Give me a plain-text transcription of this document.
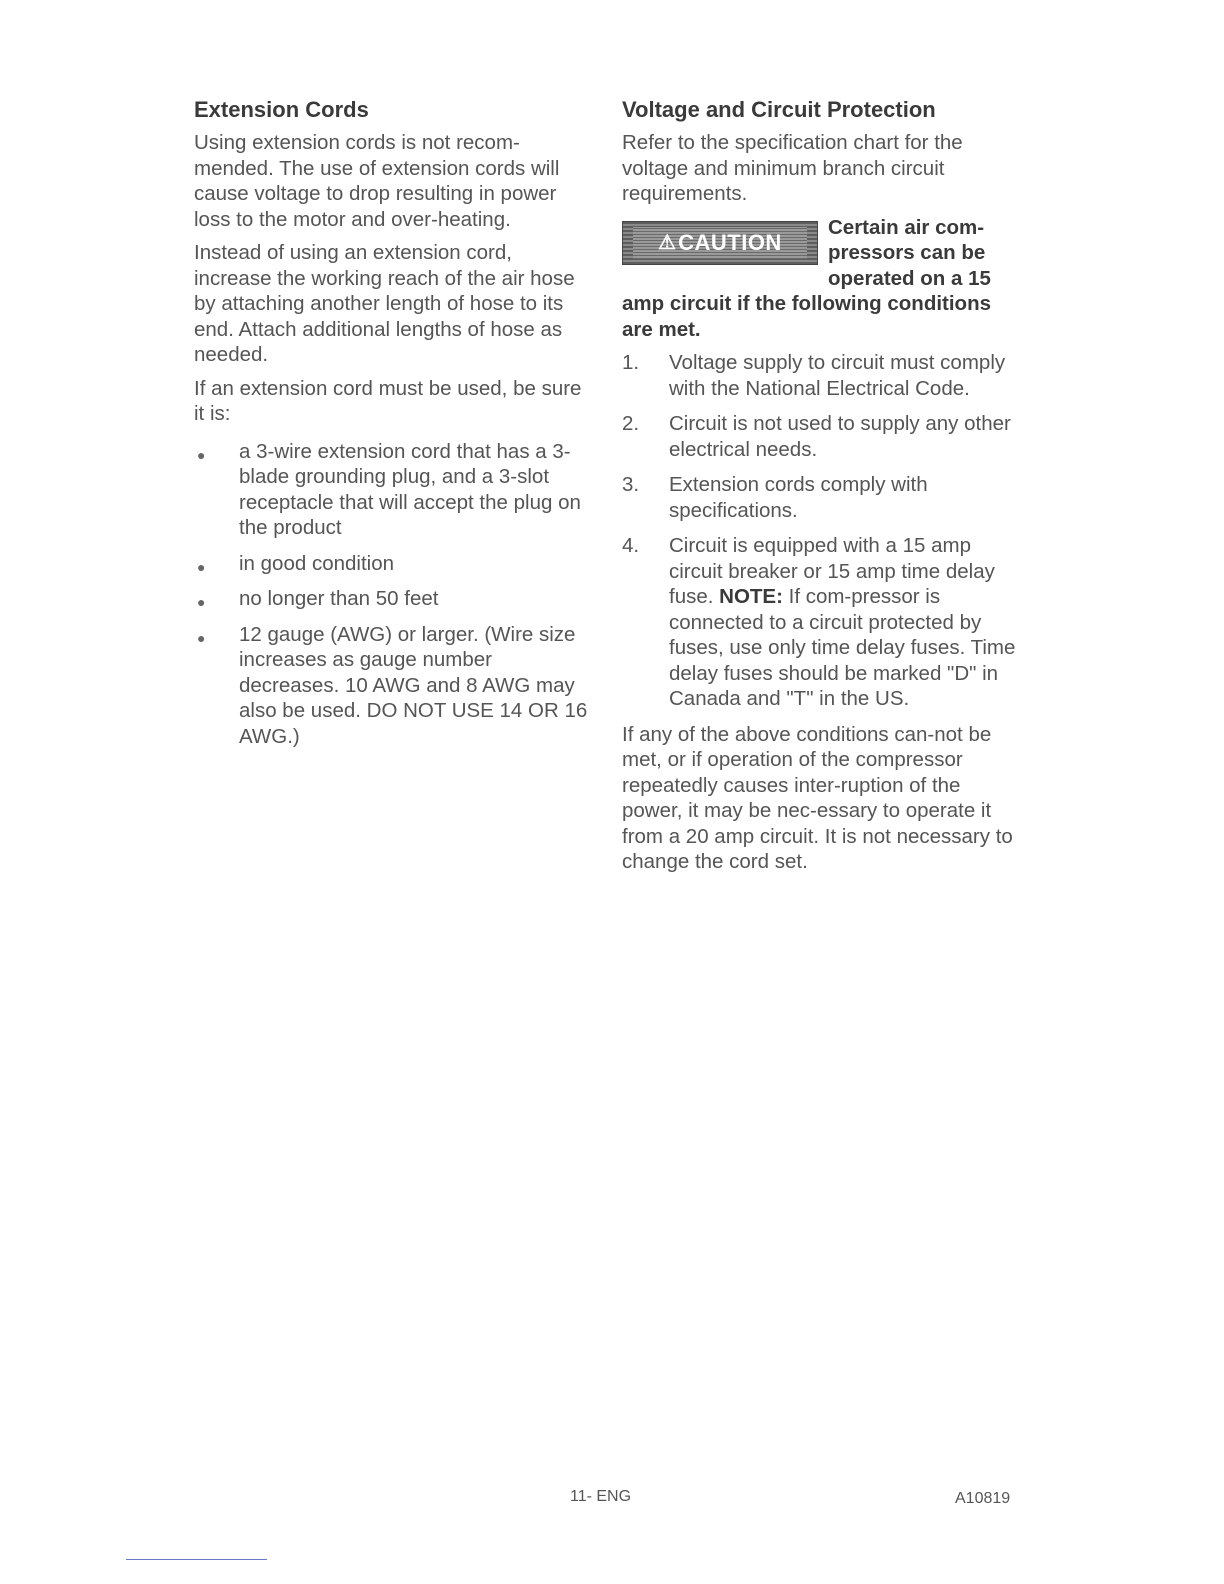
Extension Cords

Using extension cords is not recom-mended. The use of extension cords will cause voltage to drop resulting in power loss to the motor and over-heating.

Instead of using an extension cord, increase the working reach of the air hose by attaching another length of hose to its end. Attach additional lengths of hose as needed.

If an extension cord must be used, be sure it is:

● a 3-wire extension cord that has a 3-blade grounding plug, and a 3-slot receptacle that will accept the plug on the product
● in good condition
● no longer than 50 feet
● 12 gauge (AWG) or larger. (Wire size increases as gauge number decreases. 10 AWG and 8 AWG may also be used. DO NOT USE 14 OR 16 AWG.)
Voltage and Circuit Protection

Refer to the specification chart for the voltage and minimum branch circuit requirements.

⚠ CAUTION
Certain air com-pressors can be operated on a 15 amp circuit if the following conditions are met.
1. Voltage supply to circuit must comply with the National Electrical Code.
2. Circuit is not used to supply any other electrical needs.
3. Extension cords comply with specifications.
4. Circuit is equipped with a 15 amp circuit breaker or 15 amp time delay fuse. NOTE: If com-pressor is connected to a circuit protected by fuses, use only time delay fuses. Time delay fuses should be marked "D" in Canada and "T" in the US.

If any of the above conditions can-not be met, or if operation of the compressor repeatedly causes inter-ruption of the power, it may be nec-essary to operate it from a 20 amp circuit. It is not necessary to change the cord set.

11- ENG	A10819
